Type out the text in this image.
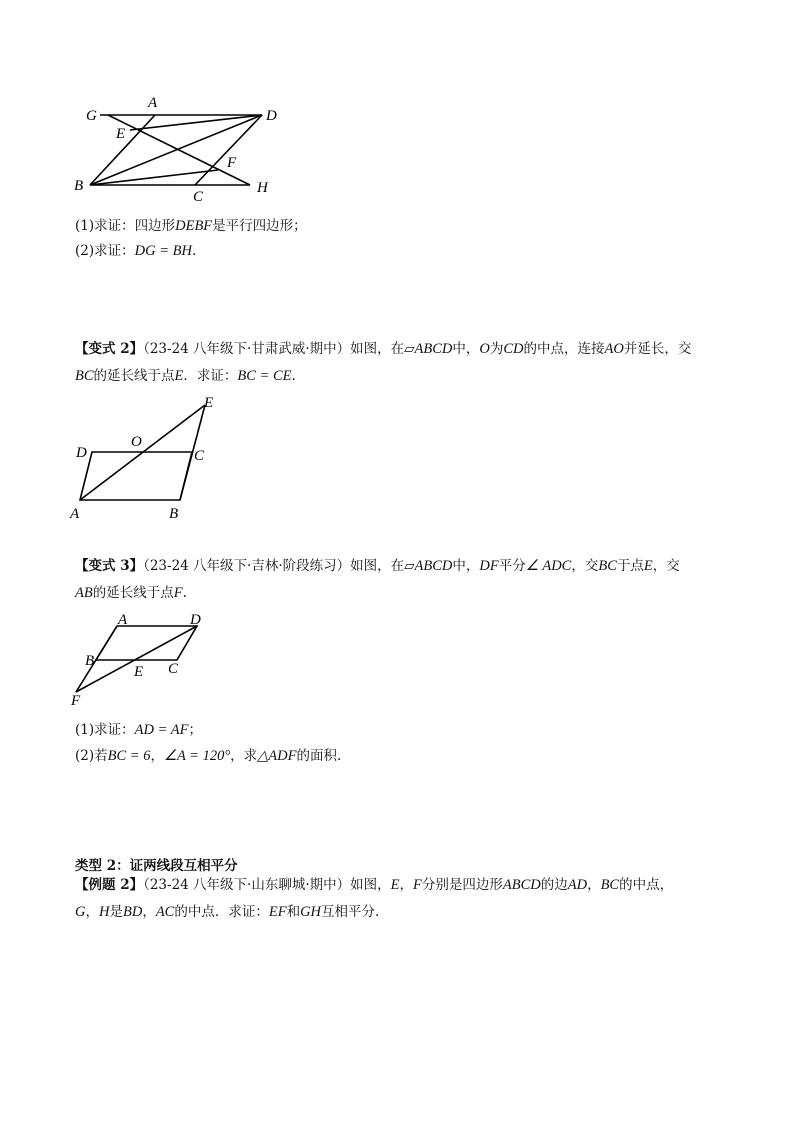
G
A
D
E
F
B
C
H
(1)求证：四边形DEBF是平行四边形；
(2)求证：DG = BH.
【变式 2】（23-24 八年级下·甘肃武威·期中）如图，在▱ABCD中，O为CD的中点，连接AO并延长，交
BC的延长线于点E．求证：BC = CE.
E
D
O
C
A	B
【变式 3】（23-24 八年级下·吉林·阶段练习）如图，在▱ABCD中，DF平分∠ ADC，交BC于点E，交
AB的延长线于点F.
A	D
B
E C
F
(1)求证：AD = AF；
(2)若BC = 6，∠A = 120°，求△ADF的面积.
类型 2：证两线段互相平分
【例题 2】（23-24 八年级下·山东聊城·期中）如图，E，F分别是四边形ABCD的边AD，BC的中点，
G，H是BD，AC的中点．求证：EF和GH互相平分.
